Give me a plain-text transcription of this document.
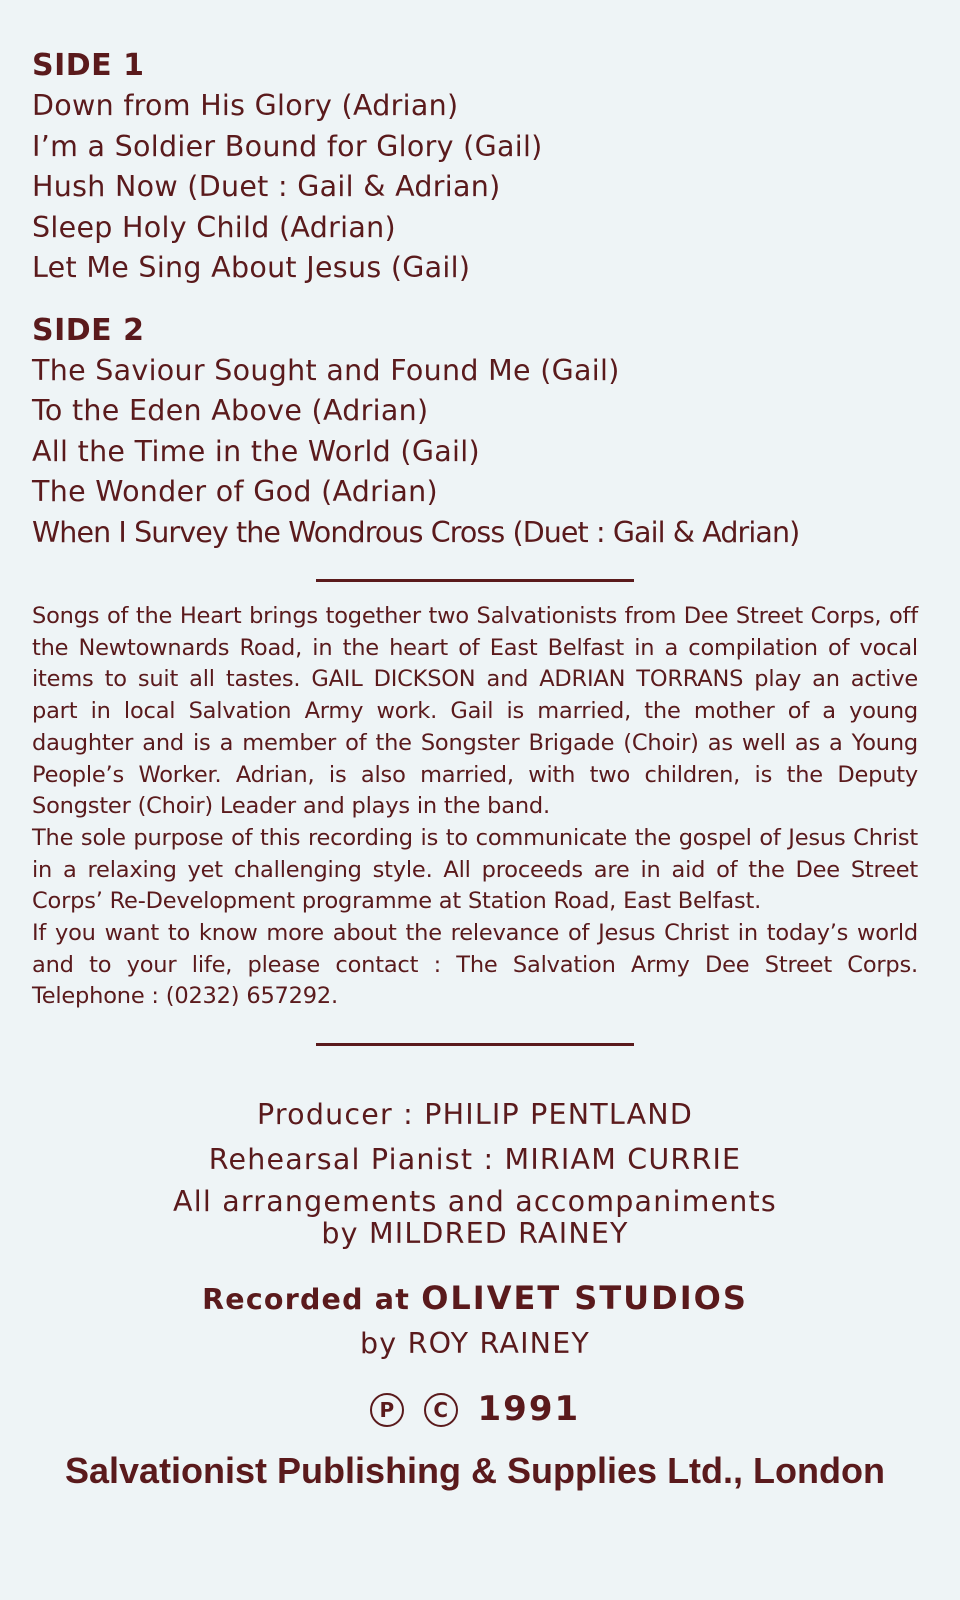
SIDE 1
Down from His Glory (Adrian)
I’m a Soldier Bound for Glory (Gail)
Hush Now (Duet : Gail & Adrian)
Sleep Holy Child (Adrian)
Let Me Sing About Jesus (Gail)
SIDE 2
The Saviour Sought and Found Me (Gail)
To the Eden Above (Adrian)
All the Time in the World (Gail)
The Wonder of God (Adrian)
When I Survey the Wondrous Cross (Duet : Gail & Adrian)

Songs of the Heart brings together two Salvationists from Dee Street Corps, off the Newtownards Road, in the heart of East Belfast in a compilation of vocal items to suit all tastes. GAIL DICKSON and ADRIAN TORRANS play an active part in local Salvation Army work. Gail is married, the mother of a young daughter and is a member of the Songster Brigade (Choir) as well as a Young People’s Worker. Adrian, is also married, with two children, is the Deputy Songster (Choir) Leader and plays in the band.

The sole purpose of this recording is to communicate the gospel of Jesus Christ in a relaxing yet challenging style. All proceeds are in aid of the Dee Street Corps’ Re-Development programme at Station Road, East Belfast.

If you want to know more about the relevance of Jesus Christ in today’s world and to your life, please contact : The Salvation Army Dee Street Corps. Telephone : (0232) 657292.

Producer : PHILIP PENTLAND
Rehearsal Pianist : MIRIAM CURRIE
All arrangements and accompaniments
by MILDRED RAINEY
Recorded at OLIVET STUDIOS
by ROY RAINEY
P C 1991
Salvationist Publishing & Supplies Ltd., London
